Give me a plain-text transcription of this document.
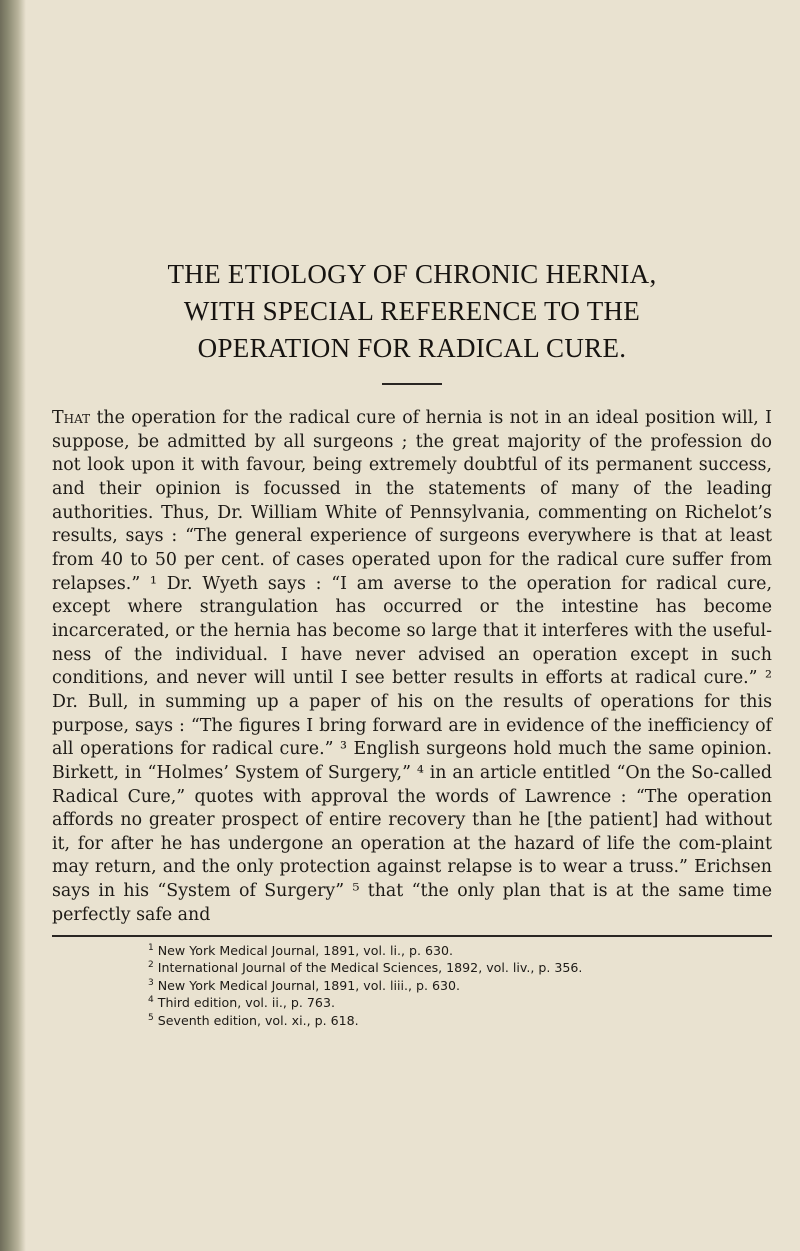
THE ETIOLOGY OF CHRONIC HERNIA,
WITH SPECIAL REFERENCE TO THE
OPERATION FOR RADICAL CURE.

That the operation for the radical cure of hernia is not in an ideal position will, I suppose, be admitted by all surgeons ; the great majority of the profession do not look upon it with favour, being extremely doubtful of its permanent success, and their opinion is focussed in the statements of many of the leading authorities. Thus, Dr. William White of Pennsylvania, commenting on Richelot’s results, says : “The general experience of surgeons everywhere is that at least from 40 to 50 per cent. of cases operated upon for the radical cure suffer from relapses.” ¹ Dr. Wyeth says : “I am averse to the operation for radical cure, except where strangulation has occurred or the intestine has become incarcerated, or the hernia has become so large that it interferes with the useful-ness of the individual. I have never advised an operation except in such conditions, and never will until I see better results in efforts at radical cure.” ² Dr. Bull, in summing up a paper of his on the results of operations for this purpose, says : “The figures I bring forward are in evidence of the inefficiency of all operations for radical cure.” ³ English surgeons hold much the same opinion. Birkett, in “Holmes’ System of Surgery,” ⁴ in an article entitled “On the So-called Radical Cure,” quotes with approval the words of Lawrence : “The operation affords no greater prospect of entire recovery than he [the patient] had without it, for after he has undergone an operation at the hazard of life the com-plaint may return, and the only protection against relapse is to wear a truss.” Erichsen says in his “System of Surgery” ⁵ that “the only plan that is at the same time perfectly safe and

$^1$ New York Medical Journal, 1891, vol. li., p. 630.
$^2$ International Journal of the Medical Sciences, 1892, vol. liv., p. 356.
$^3$ New York Medical Journal, 1891, vol. liii., p. 630.
$^4$ Third edition, vol. ii., p. 763.
$^5$ Seventh edition, vol. xi., p. 618.
